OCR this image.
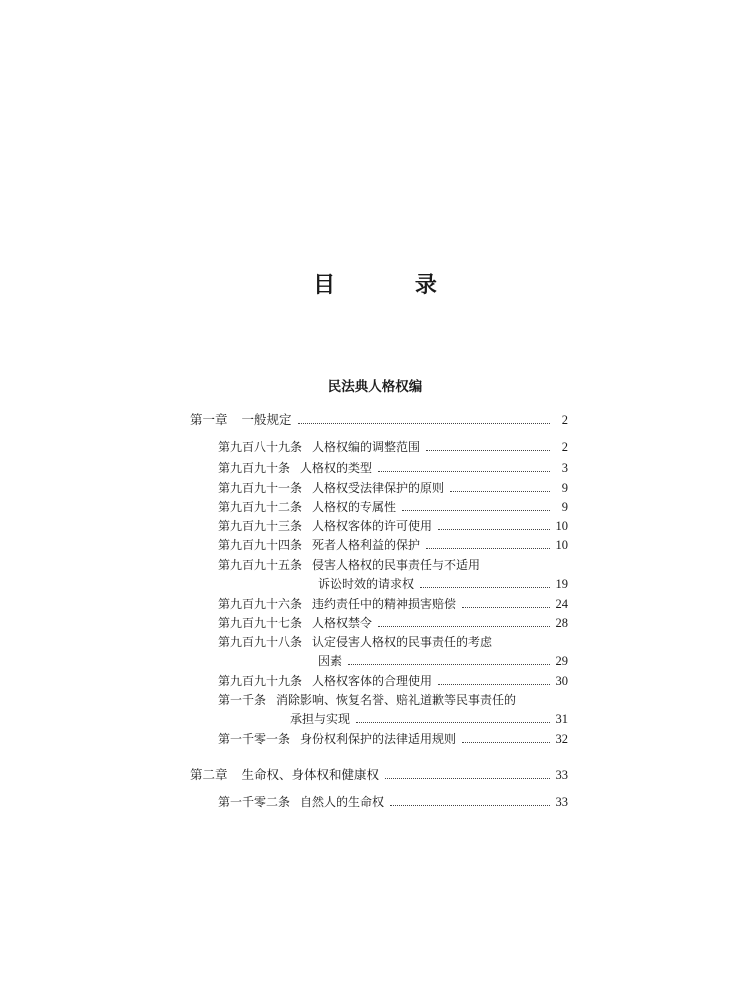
目 录
民法典人格权编
第一章 一般规定	2
第九百八十九条 人格权编的调整范围	2
第九百九十条 人格权的类型	3
第九百九十一条 人格权受法律保护的原则	9
第九百九十二条 人格权的专属性	9
第九百九十三条 人格权客体的许可使用	10
第九百九十四条 死者人格利益的保护	10
第九百九十五条 侵害人格权的民事责任与不适用
诉讼时效的请求权	19
第九百九十六条 违约责任中的精神损害赔偿	24
第九百九十七条 人格权禁令	28
第九百九十八条 认定侵害人格权的民事责任的考虑
因素	29
第九百九十九条 人格权客体的合理使用	30
第一千条 消除影响、恢复名誉、赔礼道歉等民事责任的
承担与实现	31
第一千零一条 身份权利保护的法律适用规则	32
第二章 生命权、身体权和健康权	33
第一千零二条 自然人的生命权	33
